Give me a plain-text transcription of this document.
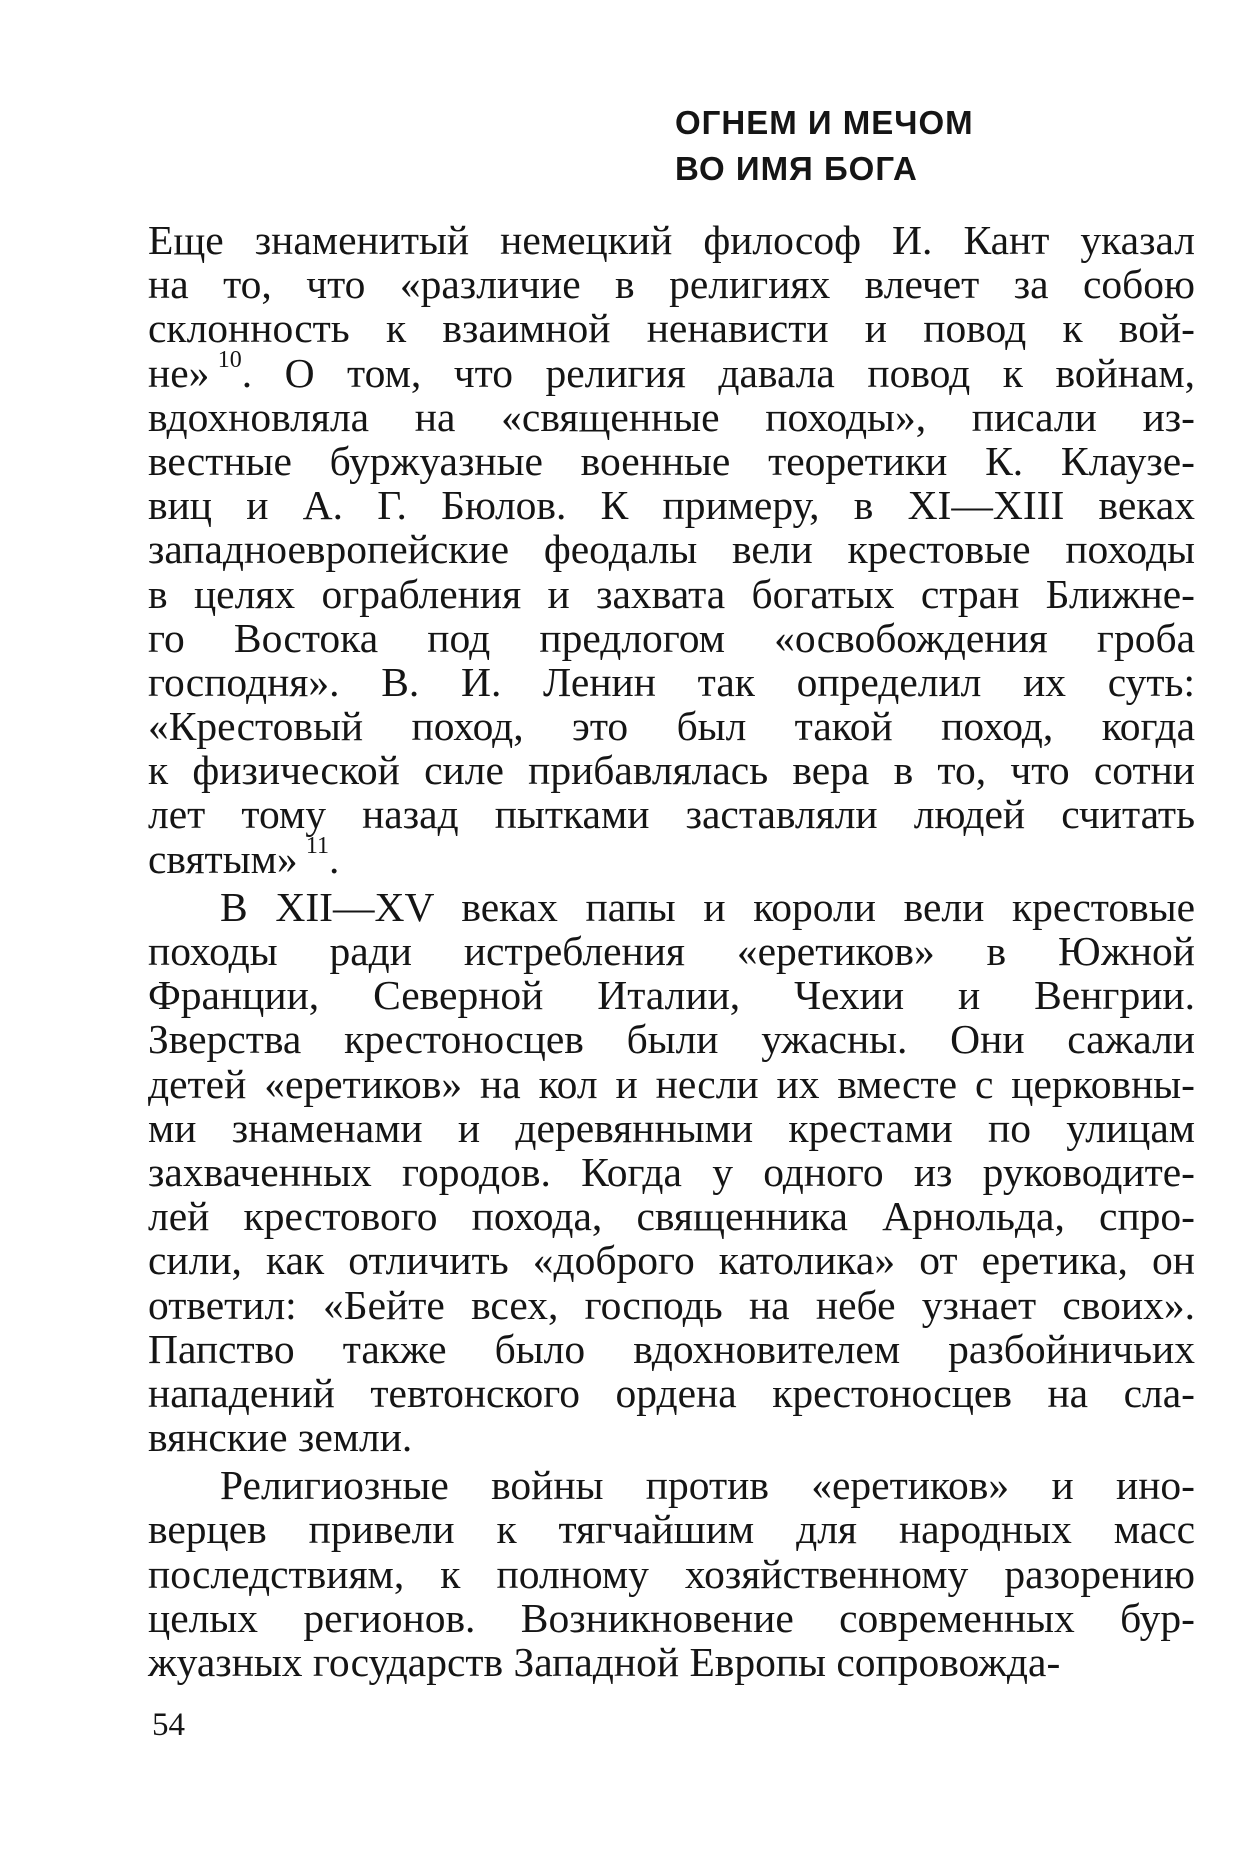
ОГНЕМ И МЕЧОМ
ВО ИМЯ БОГА
Еще знаменитый немецкий философ И. Кант указал
на то, что «различие в религиях влечет за собою
склонность к взаимной ненависти и повод к вой-
не»  $^{10}$. О том, что религия давала повод к войнам,
вдохновляла на «священные походы», писали из-
вестные буржуазные военные теоретики К. Клаузе-
виц и А. Г. Бюлов. К примеру, в XI—XIII веках
западноевропейские феодалы вели крестовые походы
в целях ограбления и захвата богатых стран Ближне-
го Востока под предлогом «освобождения гроба
господня». В. И. Ленин так определил их суть:
«Крестовый поход, это был такой поход, когда
к физической силе прибавлялась вера в то, что сотни
лет тому назад пытками заставляли людей считать
святым»  $^{11}$.
В XII—XV веках папы и короли вели крестовые
походы ради истребления «еретиков» в Южной
Франции, Северной Италии, Чехии и Венгрии.
Зверства крестоносцев были ужасны. Они сажали
детей «еретиков» на кол и несли их вместе с церковны-
ми знаменами и деревянными крестами по улицам
захваченных городов. Когда у одного из руководите-
лей крестового похода, священника Арнольда, спро-
сили, как отличить «доброго католика» от еретика, он
ответил: «Бейте всех, господь на небе узнает своих».
Папство также было вдохновителем разбойничьих
нападений тевтонского ордена крестоносцев на сла-
вянские земли.
Религиозные войны против «еретиков» и ино-
верцев привели к тягчайшим для народных масс
последствиям, к полному хозяйственному разорению
целых регионов. Возникновение современных бур-
жуазных государств Западной Европы сопровожда-
54
